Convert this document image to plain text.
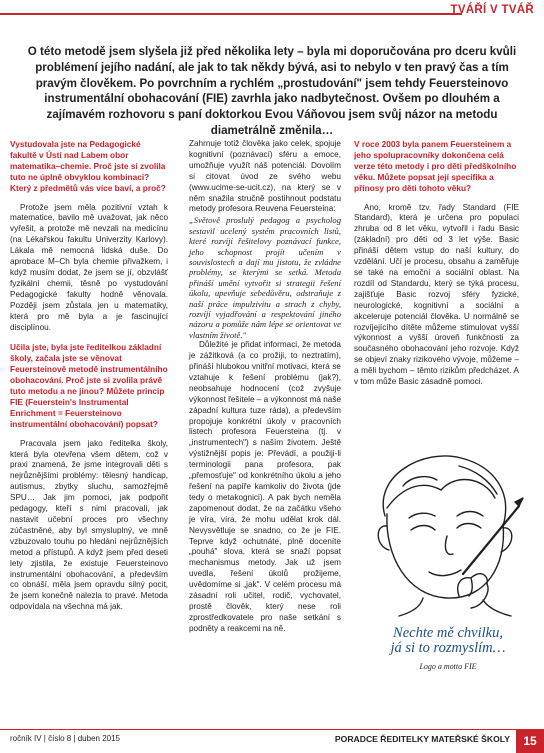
TVÁŘÍ V TVÁŘ
O této metodě jsem slyšela již před několika lety – byla mi doporučována pro dceru kvůli problémení jejího nadání, ale jak to tak někdy bývá, asi to nebylo v ten pravý čas a tím pravým člověkem. Po povrchním a rychlém „prostudování" jsem tehdy Feuersteinovo instrumentální obohacování (FIE) zavrhla jako nadbytečnost. Ovšem po dlouhém a zajímavém rozhovoru s paní doktorkou Evou Váňovou jsem svůj názor na metodu diametrálně změnila…

Vystudovala jste na Pedagogické fakultě v Ústí nad Labem obor matematika–chemie. Proč jste si zvolila tuto ne úplně obvyklou kombinaci? Který z předmětů vás více baví, a proč?

Protože jsem měla pozitivní vztah k matematice, bavilo mě uvažovat, jak něco vyřešit, a protože mě nevzali na medicínu (na Lékařskou fakultu Univerzity Karlovy). Lákala mě nemocná lidská duše. Do aprobace M–Ch byla chemie přivažkem, i když musím dodat, že jsem se jí, obzvlášť fyzikální chemii, těsně po vystudování Pedagogické fakulty hodně věnovala. Později jsem zůstala jen u matematiky, která pro mě byla a je fascinující disciplínou.

Učila jste, byla jste ředitelkou základní školy, začala jste se věnovat Feuersteinově metodě instrumentálního obohacování. Proč jste si zvolila právě tuto metodu a ne jinou? Můžete princip FIE (Feuerstein's Instrumental Enrichment = Feuersteinovo instrumentální obohacování) popsat?

Pracovala jsem jako ředitelka školy, která byla otevřena všem dětem, což v praxi znamená, že jsme integrovali děti s nejrůznějšími problémy: tělesný handicap, autismus, zbytky sluchu, samozřejmě SPU… Jak jim pomoci, jak podpořit pedagogy, kteří s nimi pracovali, jak nastavit učební proces pro všechny zúčastněné, aby byl smysluplný, ve mně vzbuzovalo touhu po hledání nejrůznějších metod a přístupů. A když jsem před deseti lety zjistila, že existuje Feuersteinovo instrumentální obohacování, a především co obnáší, měla jsem opravdu silný pocit, že jsem konečně nalezla to pravé. Metoda odpovídala na všechna má jak.

Zahrnuje totiž člověka jako celek, spojuje kognitivní (poznávací) sféru a emoce, umožňuje využít náš potenciál. Dovolím si citovat úvod ze svého webu (www.ucime-se-ucit.cz), na který se v něm snažila stručně postihnout podstatu metody profesora Reuvena Feuersteina:

„Světově proslulý pedagog a psycholog sestavil ucelený systém pracovních listů, které rozvíjí řešitelovy poznávací funkce, jeho schopnost projít učením v souvislostech a dají mu jistotu, že zvládne problémy, se kterými se setká. Metoda přináší umění vytvořit si strategii řešení úkolu, upevňuje sebedůvěru, odstraňuje z naší práce impulzivitu a strach z chyby, rozvíjí vyjadřování a respektování jiného názoru a pomůže nám lépe se orientovat ve vlastním životě."

Důležité je přidat informaci, že metoda je zážitková (a co prožiji, to neztratím), přináší hlubokou vnitřní motivaci, která se vztahuje k řešení problému (jak?), neobsahuje hodnocení (což zvyšuje výkonnost řešitele – a výkonnost má naše západní kultura tuze ráda), a především propojuje konkrétní úkoly v pracovních listech profesora Feuersteina (tj. v „instrumentech") s naším životem. Ještě výstižnější popis je: Převádí, a použiji-li terminologii pana profesora, pak „přemosťuje" od konkrétního úkolu a jeho řešení na papíře kamkoliv do života (jde tedy o metakognici). A pak bych neměla zapomenout dodat, že na začátku všeho je víra, víra, že mohu udělat krok dál. Nevysvětluje se snadno, co že je FIE. Teprve když ochutnáte, plně doceníte „pouhá" slova, která se snaží popsat mechanismus metody. Jak už jsem uvedla, řešení úkolů prožijeme, uvědomíme si „jak". V celém procesu má zásadní roli učitel, rodič, vychovatel, prostě člověk, který nese roli zprostředkovatele pro naše setkání s podněty a reakcemi na ně.

V roce 2003 byla panem Feuersteinem a jeho spolupracovníky dokončena celá verze této metody i pro děti předškolního věku. Můžete popsat její specifika a přínosy pro děti tohoto věku?

Ano, kromě tzv. řady Standard (FIE Standard), která je určena pro populaci zhruba od 8 let věku, vytvořil i řadu Basic (základní) pro děti od 3 let výše. Basic přináší dětem vstup do naší kultury, do vzdělání. Učí je procesu, obsahu a zaměřuje se také na emoční a sociální oblast. Na rozdíl od Standardu, který se týká procesu, zajišťuje Basic rozvoj sféry fyzické, neurologické, kognitivní a sociální a akceleruje potenciál člověka. U normálně se rozvíjejícího dítěte můžeme stimulovat vyšší výkonnost a vyšší úroveň funkčnosti za současného obohacování jeho rozvoje. Když se objeví znaky rizikového vývoje, můžeme – a měli bychom – těmto rizikům předcházet. A v tom může Basic zásadně pomoci.

Nechte mě chvilku,
já si to rozmyslím…
Logo a motto FIE
ročník IV | číslo 8 | duben 2015	PORADCE ŘEDITELKY MATEŘSKÉ ŠKOLY	15
